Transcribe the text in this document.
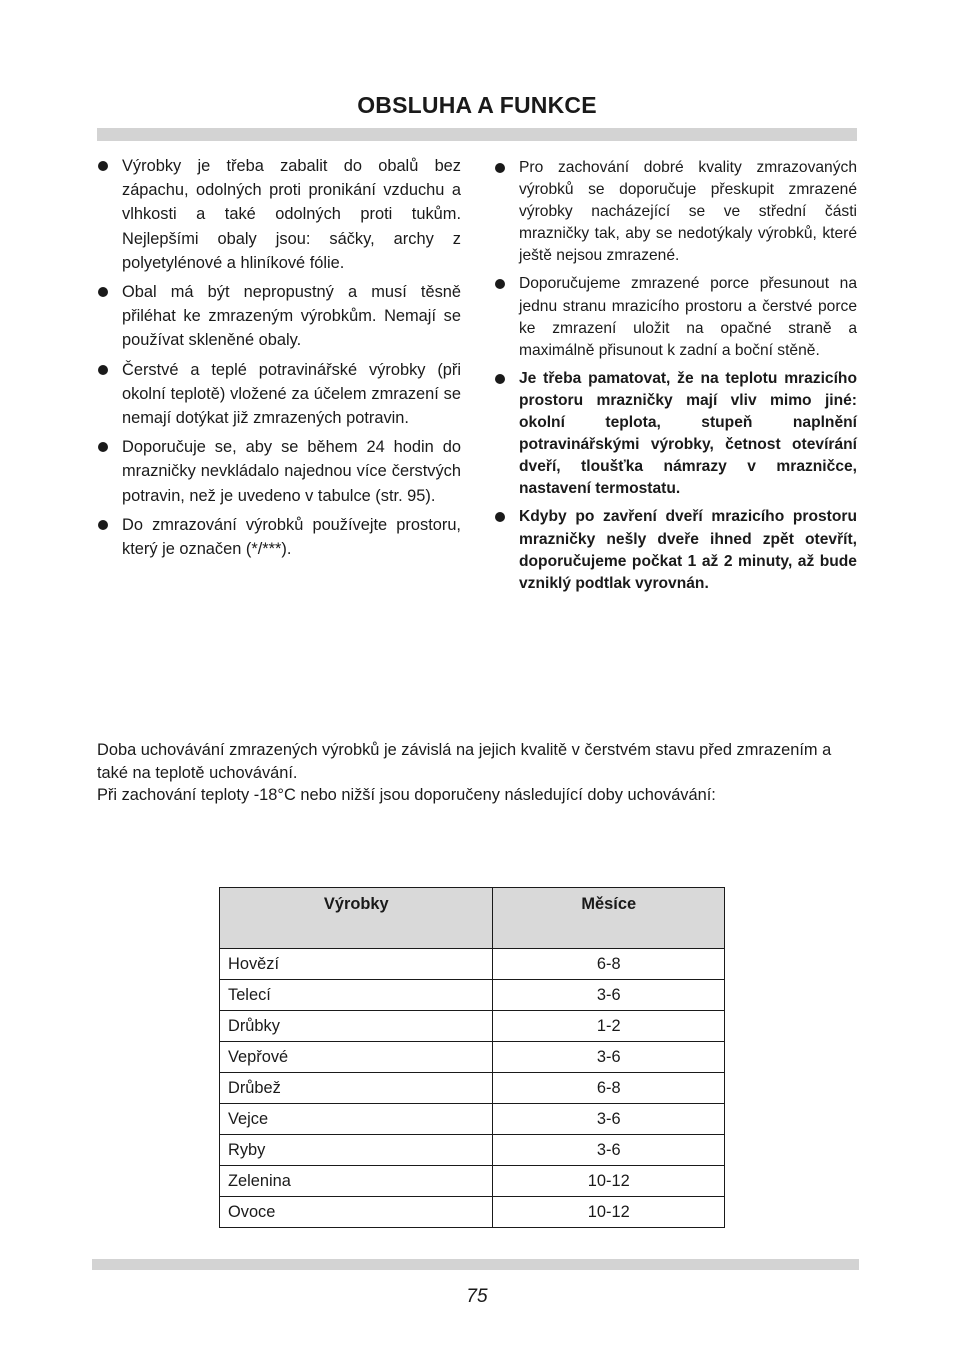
OBSLUHA A FUNKCE
Výrobky je třeba zabalit do obalů bez zápachu, odolných proti pronikání vzduchu a vlhkosti a také odolných proti tukům. Nejlepšími obaly jsou: sáčky, archy z polyetylénové a hliníkové fólie.
Obal má být nepropustný a musí těsně přiléhat ke zmrazeným výrobkům. Nemají se používat skleněné obaly.
Čerstvé a teplé potravinářské výrobky (při okolní teplotě) vložené za účelem zmrazení se nemají dotýkat již zmrazených potravin.
Doporučuje se, aby se během 24 hodin do mrazničky nevkládalo najednou více čerstvých potravin, než je uvedeno v tabulce (str. 95).
Do zmrazování výrobků používejte prostoru, který je označen (*/***).
Pro zachování dobré kvality zmrazovaných výrobků se doporučuje přeskupit zmrazené výrobky nacházející se ve střední části mrazničky tak, aby se nedotýkaly výrobků, které ještě nejsou zmrazené.
Doporučujeme zmrazené porce přesunout na jednu stranu mrazicího prostoru a čerstvé porce ke zmrazení uložit na opačné straně a maximálně přisunout k zadní a boční stěně.
Je třeba pamatovat, že na teplotu mrazicího prostoru mrazničky mají vliv mimo jiné: okolní teplota, stupeň naplnění potravinářskými výrobky, četnost otevírání dveří, tloušťka námrazy v mrazničce, nastavení termostatu.
Kdyby po zavření dveří mrazicího prostoru mrazničky nešly dveře ihned zpět otevřít, doporučujeme počkat 1 až 2 minuty, až bude vzniklý podtlak vyrovnán.

Doba uchovávání zmrazených výrobků je závislá na jejich kvalitě v čerstvém stavu před zmrazením a také na teplotě uchovávání.

Při zachování teploty -18°C nebo nižší jsou doporučeny následující doby uchovávání:

Výrobky	Měsíce
Hovězí	6-8
Telecí	3-6
Drůbky	1-2
Vepřové	3-6
Drůbež	6-8
Vejce	3-6
Ryby	3-6
Zelenina	10-12
Ovoce	10-12
75
